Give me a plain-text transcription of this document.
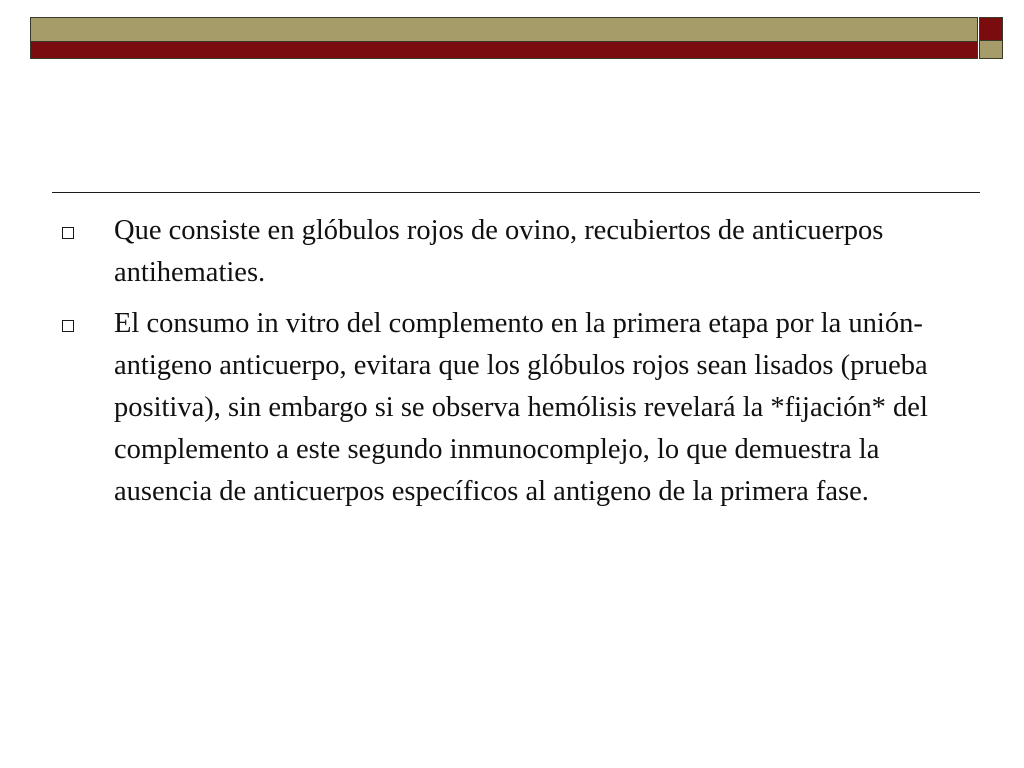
Que consiste en glóbulos rojos de ovino, recubiertos de anticuerpos antihematies.
El consumo in vitro del complemento en la primera etapa por la unión-antigeno anticuerpo, evitara que los glóbulos rojos sean lisados (prueba positiva), sin embargo si se observa hemólisis revelará la *fijación* del complemento a este segundo inmunocomplejo, lo que demuestra la ausencia de anticuerpos específicos al antigeno de la primera fase.
